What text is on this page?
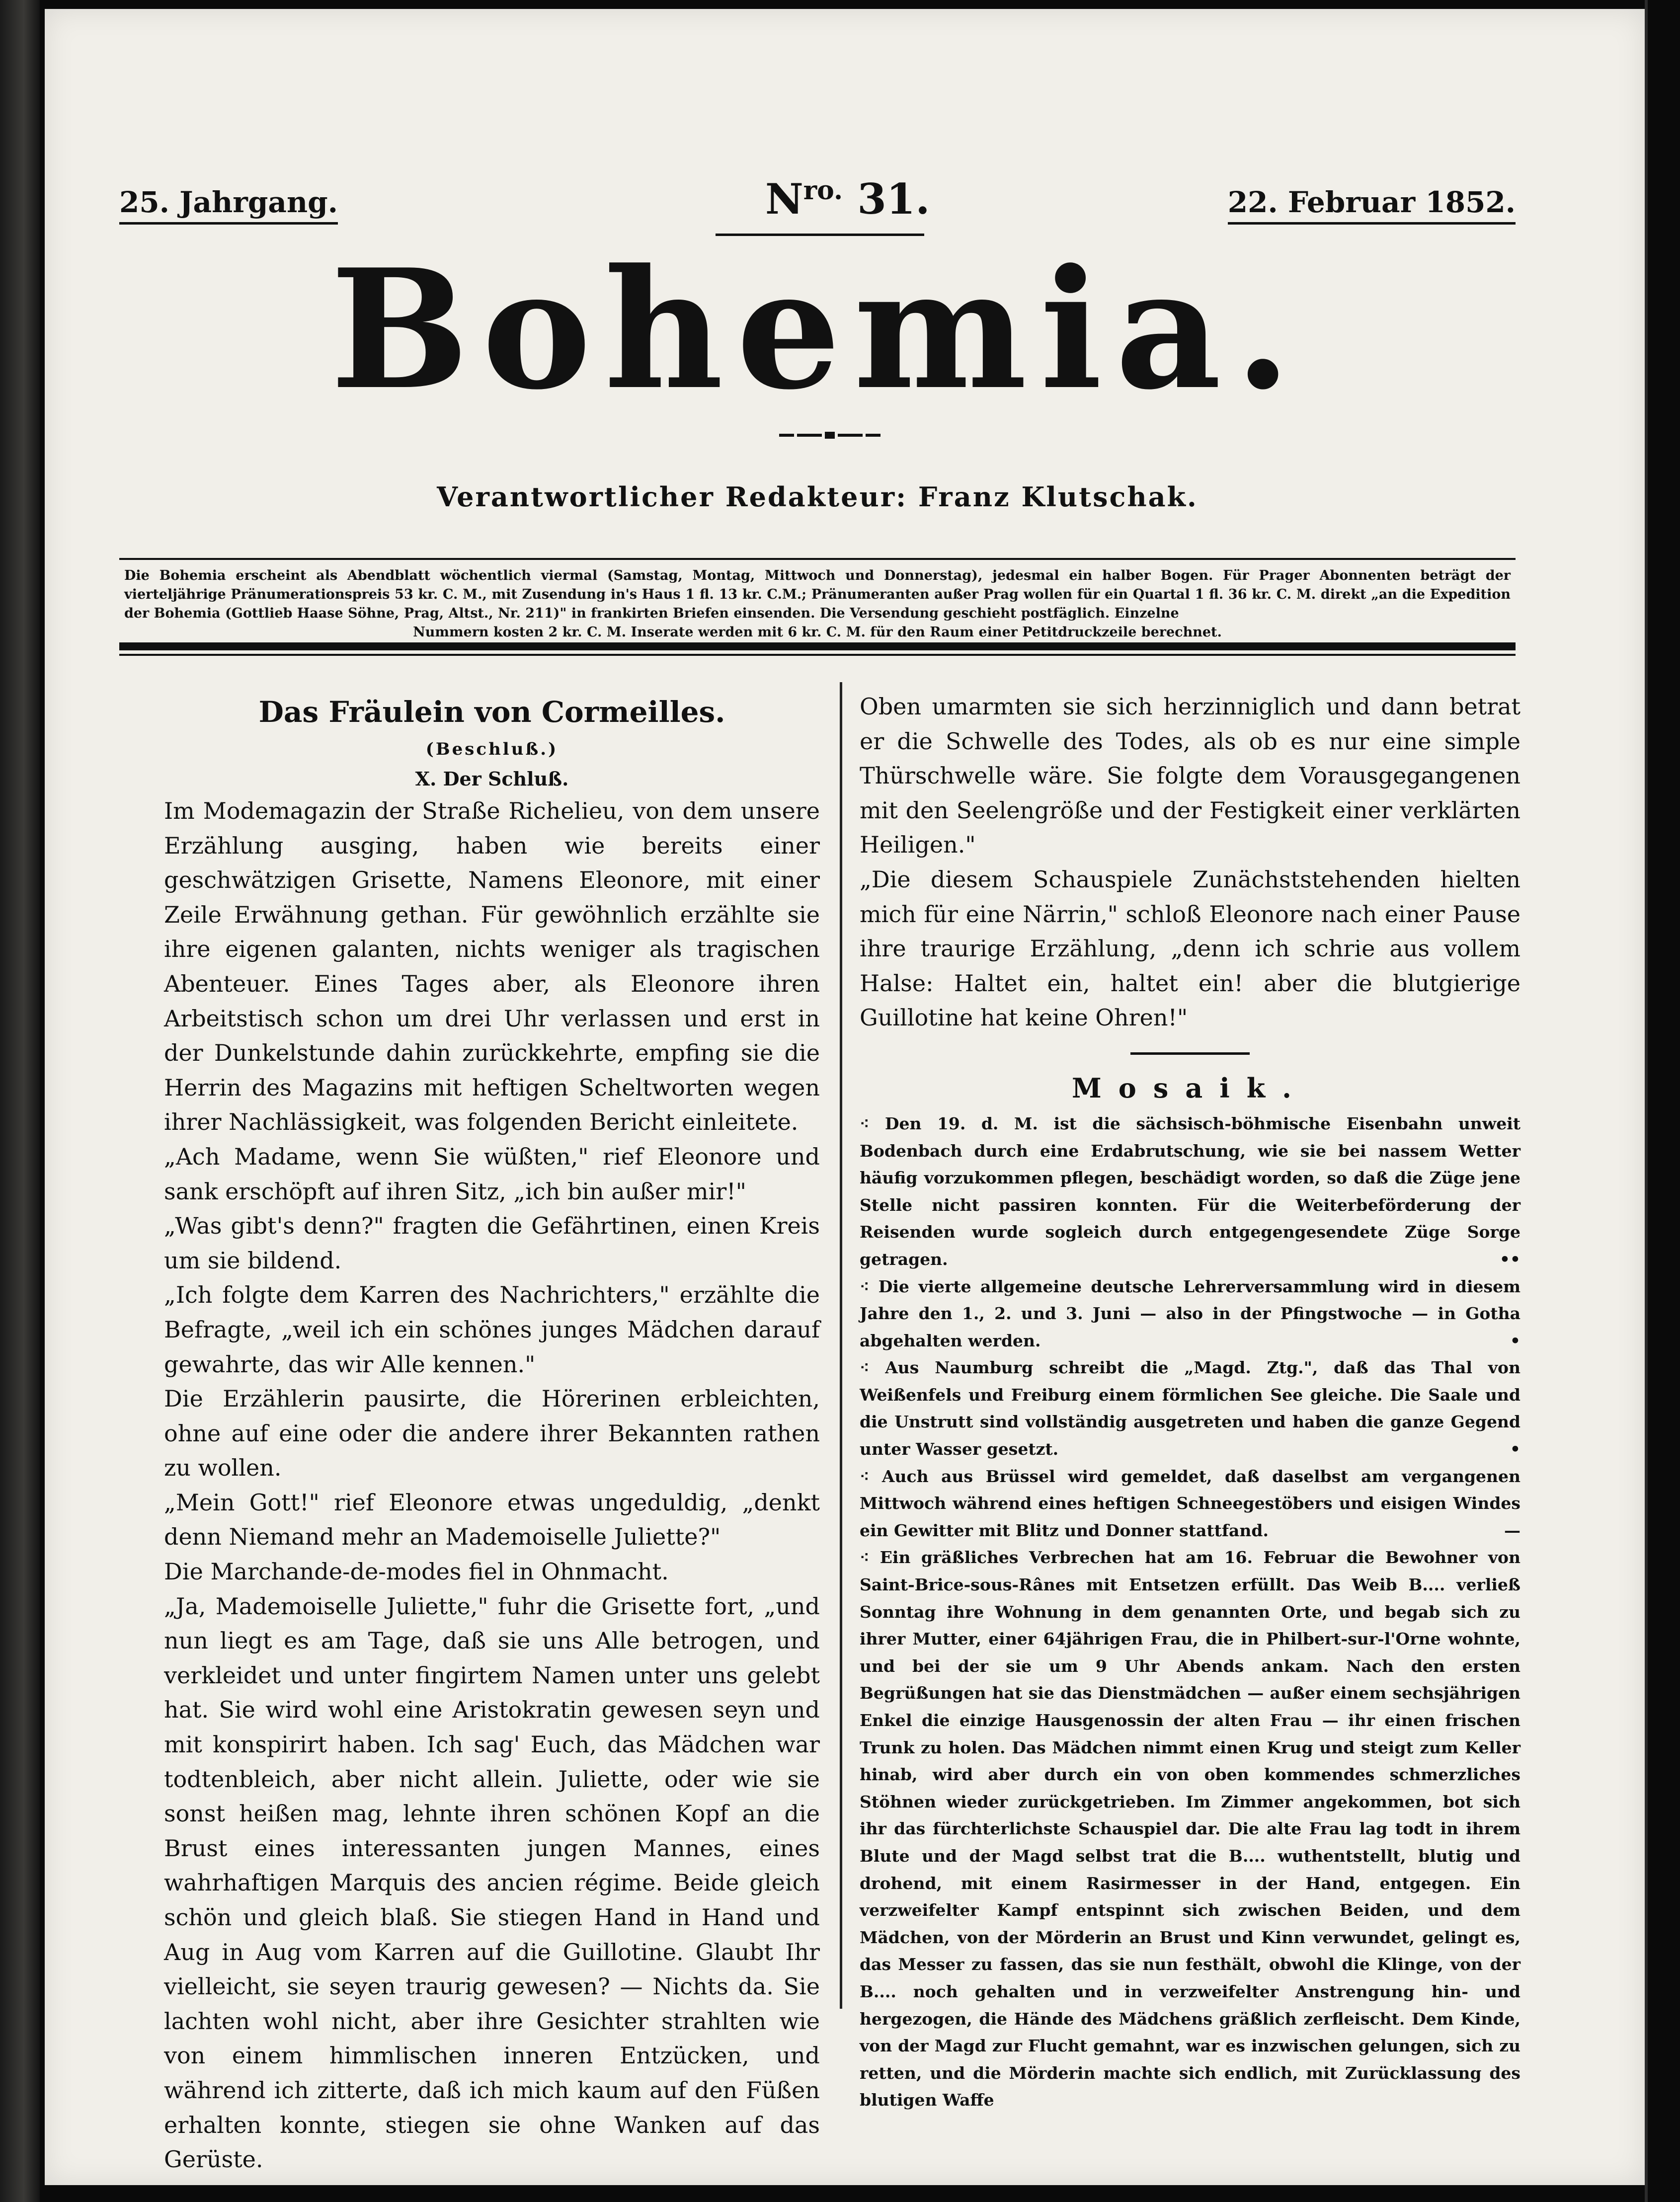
25. Jahrgang.	$N^{ro.}$ 31.	22. Februar 1852.
Bohemia.
Verantwortlicher Redakteur: Franz Klutschak.
Die Bohemia erscheint als Abendblatt wöchentlich viermal (Samstag, Montag, Mittwoch und Donnerstag), jedesmal ein halber Bogen. Für Prager Abonnenten beträgt der vierteljährige Pränumerationspreis 53 kr. C. M., mit Zusendung in's Haus 1 fl. 13 kr. C.M.; Pränumeranten außer Prag wollen für ein Quartal 1 fl. 36 kr. C. M. direkt „an die Expedition der Bohemia (Gottlieb Haase Söhne, Prag, Altst., Nr. 211)" in frankirten Briefen einsenden. Die Versendung geschieht postfäglich. Einzelne
Nummern kosten 2 kr. C. M. Inserate werden mit 6 kr. C. M. für den Raum einer Petitdruckzeile berechnet.
Das Fräulein von Cormeilles.
(Beschluß.)
X. Der Schluß.

Im Modemagazin der Straße Richelieu, von dem unsere Erzählung ausging, haben wie bereits einer geschwätzigen Grisette, Namens Eleonore, mit einer Zeile Erwähnung gethan. Für gewöhnlich erzählte sie ihre eigenen galanten, nichts weniger als tragischen Abenteuer. Eines Tages aber, als Eleonore ihren Arbeitstisch schon um drei Uhr verlassen und erst in der Dunkelstunde dahin zurückkehrte, empfing sie die Herrin des Magazins mit heftigen Scheltworten wegen ihrer Nachlässigkeit, was folgenden Bericht einleitete.

„Ach Madame, wenn Sie wüßten," rief Eleonore und sank erschöpft auf ihren Sitz, „ich bin außer mir!"

„Was gibt's denn?" fragten die Gefährtinen, einen Kreis um sie bildend.

„Ich folgte dem Karren des Nachrichters," erzählte die Befragte, „weil ich ein schönes junges Mädchen darauf gewahrte, das wir Alle kennen."

Die Erzählerin pausirte, die Hörerinen erbleichten, ohne auf eine oder die andere ihrer Bekannten rathen zu wollen.

„Mein Gott!" rief Eleonore etwas ungeduldig, „denkt denn Niemand mehr an Mademoiselle Juliette?"

Die Marchande-de-modes fiel in Ohnmacht.

„Ja, Mademoiselle Juliette," fuhr die Grisette fort, „und nun liegt es am Tage, daß sie uns Alle betrogen, und verkleidet und unter fingirtem Namen unter uns gelebt hat. Sie wird wohl eine Aristokratin gewesen seyn und mit konspirirt haben. Ich sag' Euch, das Mädchen war todtenbleich, aber nicht allein. Juliette, oder wie sie sonst heißen mag, lehnte ihren schönen Kopf an die Brust eines interessanten jungen Mannes, eines wahrhaftigen Marquis des ancien régime. Beide gleich schön und gleich blaß. Sie stiegen Hand in Hand und Aug in Aug vom Karren auf die Guillotine. Glaubt Ihr vielleicht, sie seyen traurig gewesen? — Nichts da. Sie lachten wohl nicht, aber ihre Gesichter strahlten wie von einem himmlischen inneren Entzücken, und während ich zitterte, daß ich mich kaum auf den Füßen erhalten konnte, stiegen sie ohne Wanken auf das Gerüste.

Oben umarmten sie sich herzinniglich und dann betrat er die Schwelle des Todes, als ob es nur eine simple Thürschwelle wäre. Sie folgte dem Vorausgegangenen mit den Seelengröße und der Festigkeit einer verklärten Heiligen."

„Die diesem Schauspiele Zunächststehenden hielten mich für eine Närrin," schloß Eleonore nach einer Pause ihre traurige Erzählung, „denn ich schrie aus vollem Halse: Haltet ein, haltet ein! aber die blutgierige Guillotine hat keine Ohren!"

Mosaik.

⁖ Den 19. d. M. ist die sächsisch-böhmische Eisenbahn unweit Bodenbach durch eine Erdabrutschung, wie sie bei nassem Wetter häufig vorzukommen pflegen, beschädigt worden, so daß die Züge jene Stelle nicht passiren konnten. Für die Weiterbeförderung der Reisenden wurde sogleich durch entgegengesendete Züge Sorge getragen.	••

⁖ Die vierte allgemeine deutsche Lehrerversammlung wird in diesem Jahre den 1., 2. und 3. Juni — also in der Pfingstwoche — in Gotha abgehalten werden.	•

⁖ Aus Naumburg schreibt die „Magd. Ztg.", daß das Thal von Weißenfels und Freiburg einem förmlichen See gleiche. Die Saale und die Unstrutt sind vollständig ausgetreten und haben die ganze Gegend unter Wasser gesetzt.	•

⁖ Auch aus Brüssel wird gemeldet, daß daselbst am vergangenen Mittwoch während eines heftigen Schneegestöbers und eisigen Windes ein Gewitter mit Blitz und Donner stattfand.	—

⁖ Ein gräßliches Verbrechen hat am 16. Februar die Bewohner von Saint-Brice-sous-Rânes mit Entsetzen erfüllt. Das Weib B.... verließ Sonntag ihre Wohnung in dem genannten Orte, und begab sich zu ihrer Mutter, einer 64jährigen Frau, die in Philbert-sur-l'Orne wohnte, und bei der sie um 9 Uhr Abends ankam. Nach den ersten Begrüßungen hat sie das Dienstmädchen — außer einem sechsjährigen Enkel die einzige Hausgenossin der alten Frau — ihr einen frischen Trunk zu holen. Das Mädchen nimmt einen Krug und steigt zum Keller hinab, wird aber durch ein von oben kommendes schmerzliches Stöhnen wieder zurückgetrieben. Im Zimmer angekommen, bot sich ihr das fürchterlichste Schauspiel dar. Die alte Frau lag todt in ihrem Blute und der Magd selbst trat die B.... wuthentstellt, blutig und drohend, mit einem Rasirmesser in der Hand, entgegen. Ein verzweifelter Kampf entspinnt sich zwischen Beiden, und dem Mädchen, von der Mörderin an Brust und Kinn verwundet, gelingt es, das Messer zu fassen, das sie nun festhält, obwohl die Klinge, von der B.... noch gehalten und in verzweifelter Anstrengung hin- und hergezogen, die Hände des Mädchens gräßlich zerfleischt. Dem Kinde, von der Magd zur Flucht gemahnt, war es inzwischen gelungen, sich zu retten, und die Mörderin machte sich endlich, mit Zurücklassung des blutigen Waffe
